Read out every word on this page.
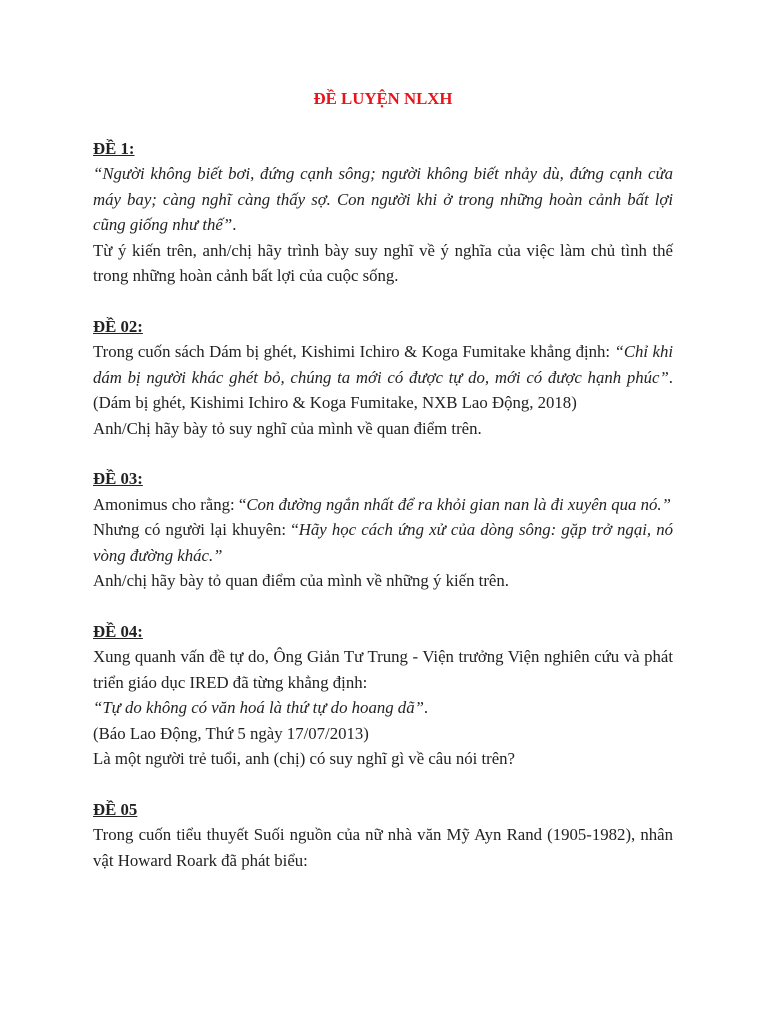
ĐỀ LUYỆN NLXH

ĐỀ 1:

“Người không biết bơi, đứng cạnh sông; người không biết nhảy dù, đứng cạnh cửa máy bay; càng nghĩ càng thấy sợ. Con người khi ở trong những hoàn cảnh bất lợi cũng giống như thế”.

Từ ý kiến trên, anh/chị hãy trình bày suy nghĩ về ý nghĩa của việc làm chủ tình thế trong những hoàn cảnh bất lợi của cuộc sống.

ĐỀ 02:

Trong cuốn sách Dám bị ghét, Kishimi Ichiro & Koga Fumitake khẳng định: “Chỉ khi dám bị người khác ghét bỏ, chúng ta mới có được tự do, mới có được hạnh phúc”. (Dám bị ghét, Kishimi Ichiro & Koga Fumitake, NXB Lao Động, 2018)

Anh/Chị hãy bày tỏ suy nghĩ của mình về quan điểm trên.

ĐỀ 03:

Amonimus cho rằng: “Con đường ngắn nhất để ra khỏi gian nan là đi xuyên qua nó.”

Nhưng có người lại khuyên: “Hãy học cách ứng xử của dòng sông: gặp trở ngại, nó vòng đường khác.”

Anh/chị hãy bày tỏ quan điểm của mình về những ý kiến trên.

ĐỀ 04:

Xung quanh vấn đề tự do, Ông Giản Tư Trung - Viện trưởng Viện nghiên cứu và phát triển giáo dục IRED đã từng khẳng định:

“Tự do không có văn hoá là thứ tự do hoang dã”.

(Báo Lao Động, Thứ 5 ngày 17/07/2013)

Là một người trẻ tuổi, anh (chị) có suy nghĩ gì về câu nói trên?

ĐỀ 05

Trong cuốn tiểu thuyết Suối nguồn của nữ nhà văn Mỹ Ayn Rand (1905-1982), nhân vật Howard Roark đã phát biểu:
